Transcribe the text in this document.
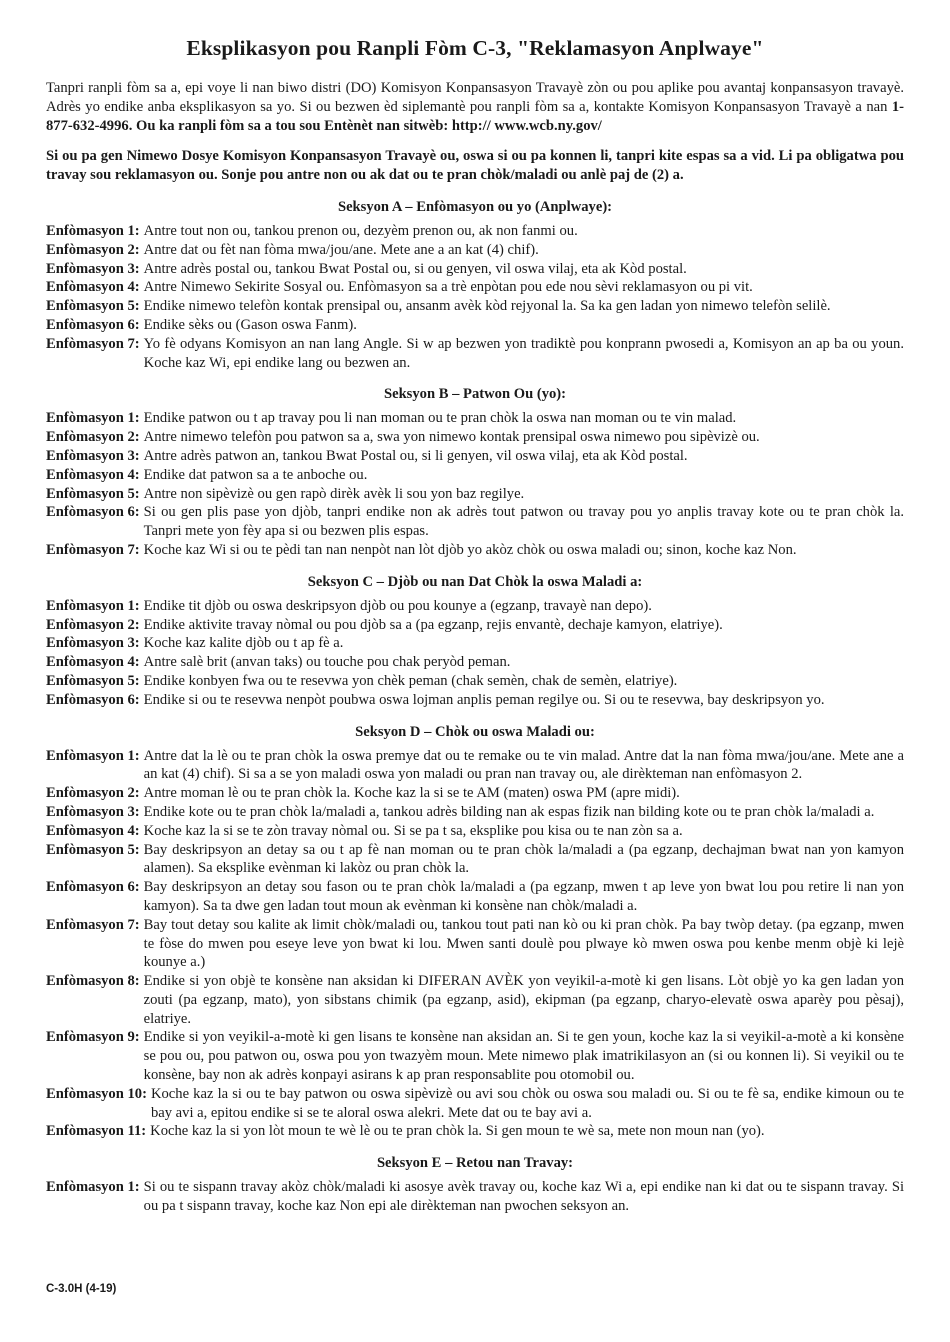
Eksplikasyon pou Ranpli Fòm C-3, "Reklamasyon Anplwaye"

Tanpri ranpli fòm sa a, epi voye li nan biwo distri (DO) Komisyon Konpansasyon Travayè zòn ou pou aplike pou avantaj konpansasyon travayè. Adrès yo endike anba eksplikasyon sa yo. Si ou bezwen èd siplemantè pou ranpli fòm sa a, kontakte Komisyon Konpansasyon Travayè a nan 1-877-632-4996. Ou ka ranpli fòm sa a tou sou Entènèt nan sitwèb: http:// www.wcb.ny.gov/

Si ou pa gen Nimewo Dosye Komisyon Konpansasyon Travayè ou, oswa si ou pa konnen li, tanpri kite espas sa a vid. Li pa obligatwa pou travay sou reklamasyon ou. Sonje pou antre non ou ak dat ou te pran chòk/maladi ou anlè paj de (2) a.

Seksyon A – Enfòmasyon ou yo (Anplwaye):
Enfòmasyon 1: Antre tout non ou, tankou prenon ou, dezyèm prenon ou, ak non fanmi ou.
Enfòmasyon 2: Antre dat ou fèt nan fòma mwa/jou/ane. Mete ane a an kat (4) chif).
Enfòmasyon 3: Antre adrès postal ou, tankou Bwat Postal ou, si ou genyen, vil oswa vilaj, eta ak Kòd postal.
Enfòmasyon 4: Antre Nimewo Sekirite Sosyal ou. Enfòmasyon sa a trè enpòtan pou ede nou sèvi reklamasyon ou pi vit.
Enfòmasyon 5: Endike nimewo telefòn kontak prensipal ou, ansanm avèk kòd rejyonal la. Sa ka gen ladan yon nimewo telefòn selilè.
Enfòmasyon 6: Endike sèks ou (Gason oswa Fanm).
Enfòmasyon 7: Yo fè odyans Komisyon an nan lang Angle. Si w ap bezwen yon tradiktè pou konprann pwosedi a, Komisyon an ap ba ou youn. Koche kaz Wi, epi endike lang ou bezwen an.
Seksyon B – Patwon Ou (yo):
Enfòmasyon 1: Endike patwon ou t ap travay pou li nan moman ou te pran chòk la oswa nan moman ou te vin malad.
Enfòmasyon 2: Antre nimewo telefòn pou patwon sa a, swa yon nimewo kontak prensipal oswa nimewo pou sipèvizè ou.
Enfòmasyon 3: Antre adrès patwon an, tankou Bwat Postal ou, si li genyen, vil oswa vilaj, eta ak Kòd postal.
Enfòmasyon 4: Endike dat patwon sa a te anboche ou.
Enfòmasyon 5: Antre non sipèvizè ou gen rapò dirèk avèk li sou yon baz regilye.
Enfòmasyon 6: Si ou gen plis pase yon djòb, tanpri endike non ak adrès tout patwon ou travay pou yo anplis travay kote ou te pran chòk la. Tanpri mete yon fèy apa si ou bezwen plis espas.
Enfòmasyon 7: Koche kaz Wi si ou te pèdi tan nan nenpòt nan lòt djòb yo akòz chòk ou oswa maladi ou; sinon, koche kaz Non.
Seksyon C – Djòb ou nan Dat Chòk la oswa Maladi a:
Enfòmasyon 1: Endike tit djòb ou oswa deskripsyon djòb ou pou kounye a (egzanp, travayè nan depo).
Enfòmasyon 2: Endike aktivite travay nòmal ou pou djòb sa a (pa egzanp, rejis envantè, dechaje kamyon, elatriye).
Enfòmasyon 3: Koche kaz kalite djòb ou t ap fè a.
Enfòmasyon 4: Antre salè brit (anvan taks) ou touche pou chak peryòd peman.
Enfòmasyon 5: Endike konbyen fwa ou te resevwa yon chèk peman (chak semèn, chak de semèn, elatriye).
Enfòmasyon 6: Endike si ou te resevwa nenpòt poubwa oswa lojman anplis peman regilye ou. Si ou te resevwa, bay deskripsyon yo.
Seksyon D – Chòk ou oswa Maladi ou:
Enfòmasyon 1: Antre dat la lè ou te pran chòk la oswa premye dat ou te remake ou te vin malad. Antre dat la nan fòma mwa/jou/ane. Mete ane a an kat (4) chif). Si sa a se yon maladi oswa yon maladi ou pran nan travay ou, ale dirèkteman nan enfòmasyon 2.
Enfòmasyon 2: Antre moman lè ou te pran chòk la. Koche kaz la si se te AM (maten) oswa PM (apre midi).
Enfòmasyon 3: Endike kote ou te pran chòk la/maladi a, tankou adrès bilding nan ak espas fizik nan bilding kote ou te pran chòk la/maladi a.
Enfòmasyon 4: Koche kaz la si se te zòn travay nòmal ou. Si se pa t sa, eksplike pou kisa ou te nan zòn sa a.
Enfòmasyon 5: Bay deskripsyon an detay sa ou t ap fè nan moman ou te pran chòk la/maladi a (pa egzanp, dechajman bwat nan yon kamyon alamen). Sa eksplike evènman ki lakòz ou pran chòk la.
Enfòmasyon 6: Bay deskripsyon an detay sou fason ou te pran chòk la/maladi a (pa egzanp, mwen t ap leve yon bwat lou pou retire li nan yon kamyon). Sa ta dwe gen ladan tout moun ak evènman ki konsène nan chòk/maladi a.
Enfòmasyon 7: Bay tout detay sou kalite ak limit chòk/maladi ou, tankou tout pati nan kò ou ki pran chòk. Pa bay twòp detay. (pa egzanp, mwen te fòse do mwen pou eseye leve yon bwat ki lou. Mwen santi doulè pou plwaye kò mwen oswa pou kenbe menm objè ki lejè kounye a.)
Enfòmasyon 8: Endike si yon objè te konsène nan aksidan ki DIFERAN AVÈK yon veyikil-a-motè ki gen lisans. Lòt objè yo ka gen ladan yon zouti (pa egzanp, mato), yon sibstans chimik (pa egzanp, asid), ekipman (pa egzanp, charyo-elevatè oswa aparèy pou pèsaj), elatriye.
Enfòmasyon 9: Endike si yon veyikil-a-motè ki gen lisans te konsène nan aksidan an. Si te gen youn, koche kaz la si veyikil-a-motè a ki konsène se pou ou, pou patwon ou, oswa pou yon twazyèm moun. Mete nimewo plak imatrikilasyon an (si ou konnen li). Si veyikil ou te konsène, bay non ak adrès konpayi asirans k ap pran responsablite pou otomobil ou.
Enfòmasyon 10: Koche kaz la si ou te bay patwon ou oswa sipèvizè ou avi sou chòk ou oswa sou maladi ou. Si ou te fè sa, endike kimoun ou te bay avi a, epitou endike si se te aloral oswa alekri. Mete dat ou te bay avi a.
Enfòmasyon 11: Koche kaz la si yon lòt moun te wè lè ou te pran chòk la. Si gen moun te wè sa, mete non moun nan (yo).
Seksyon E – Retou nan Travay:
Enfòmasyon 1: Si ou te sispann travay akòz chòk/maladi ki asosye avèk travay ou, koche kaz Wi a, epi endike nan ki dat ou te sispann travay. Si ou pa t sispann travay, koche kaz Non epi ale dirèkteman nan pwochen seksyon an.
C-3.0H (4-19)
